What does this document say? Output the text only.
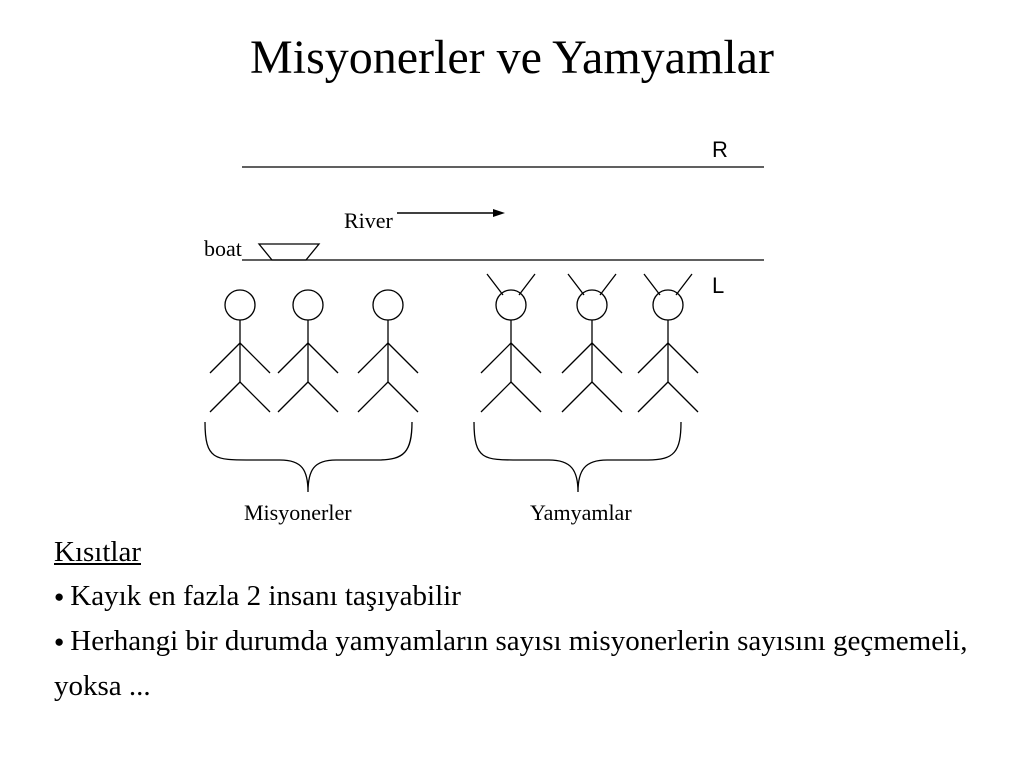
Misyonerler ve Yamyamlar
R
L
River
boat
Misyonerler	Yamyamlar
Kısıtlar
● Kayık en fazla 2 insanı taşıyabilir
● Herhangi bir durumda yamyamların sayısı misyonerlerin sayısını geçmemeli, yoksa ...
